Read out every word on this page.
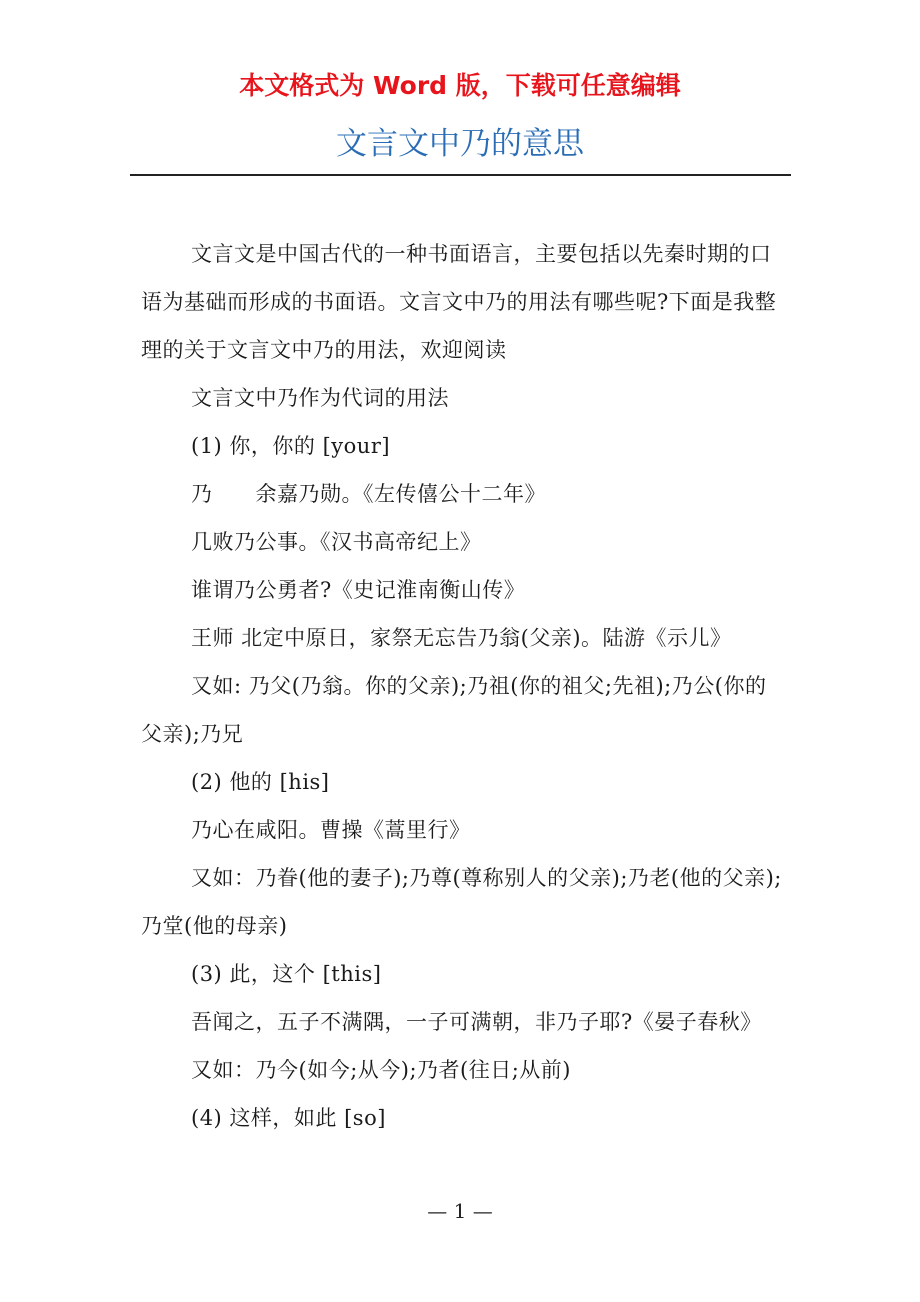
本文格式为 Word 版，下载可任意编辑
文言文中乃的意思

文言文是中国古代的一种书面语言，主要包括以先秦时期的口语为基础而形成的书面语。文言文中乃的用法有哪些呢?下面是我整理的关于文言文中乃的用法，欢迎阅读

文言文中乃作为代词的用法

(1) 你，你的 [your]

乃　　余嘉乃勋。《左传僖公十二年》

几败乃公事。《汉书高帝纪上》

谁谓乃公勇者?《史记淮南衡山传》

王师 北定中原日，家祭无忘告乃翁(父亲)。陆游《示儿》

又如: 乃父(乃翁。你的父亲);乃祖(你的祖父;先祖);乃公(你的父亲);乃兄

(2) 他的 [his]

乃心在咸阳。曹操《蒿里行》

又如：乃眷(他的妻子);乃尊(尊称别人的父亲);乃老(他的父亲);乃堂(他的母亲)

(3) 此，这个 [this]

吾闻之，五子不满隅，一子可满朝，非乃子耶?《晏子春秋》

又如：乃今(如今;从今);乃者(往日;从前)

(4) 这样，如此 [so]

— 1 —
